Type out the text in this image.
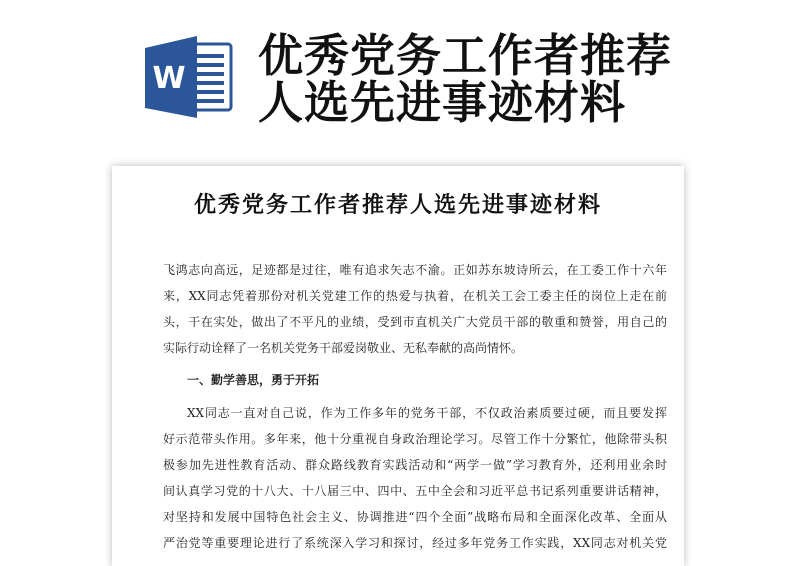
W 优秀党务工作者推荐
人选先进事迹材料
优秀党务工作者推荐人选先进事迹材料
飞鸿志向高远，足迹都是过往，唯有追求矢志不渝。正如苏东坡诗所云，在工委工作十六年
来，XX同志凭着那份对机关党建工作的热爱与执着，在机关工会工委主任的岗位上走在前
头，干在实处，做出了不平凡的业绩，受到市直机关广大党员干部的敬重和赞誉，用自己的
实际行动诠释了一名机关党务干部爱岗敬业、无私奉献的高尚情怀。
一、勤学善思，勇于开拓
XX同志一直对自己说，作为工作多年的党务干部，不仅政治素质要过硬，而且要发挥
好示范带头作用。多年来，他十分重视自身政治理论学习。尽管工作十分繁忙，他除带头积
极参加先进性教育活动、群众路线教育实践活动和“两学一做”学习教育外，还利用业余时
间认真学习党的十八大、十八届三中、四中、五中全会和习近平总书记系列重要讲话精神，
对坚持和发展中国特色社会主义、协调推进“四个全面”战略布局和全面深化改革、全面从
严治党等重要理论进行了系统深入学习和探讨，经过多年党务工作实践，XX同志对机关党
